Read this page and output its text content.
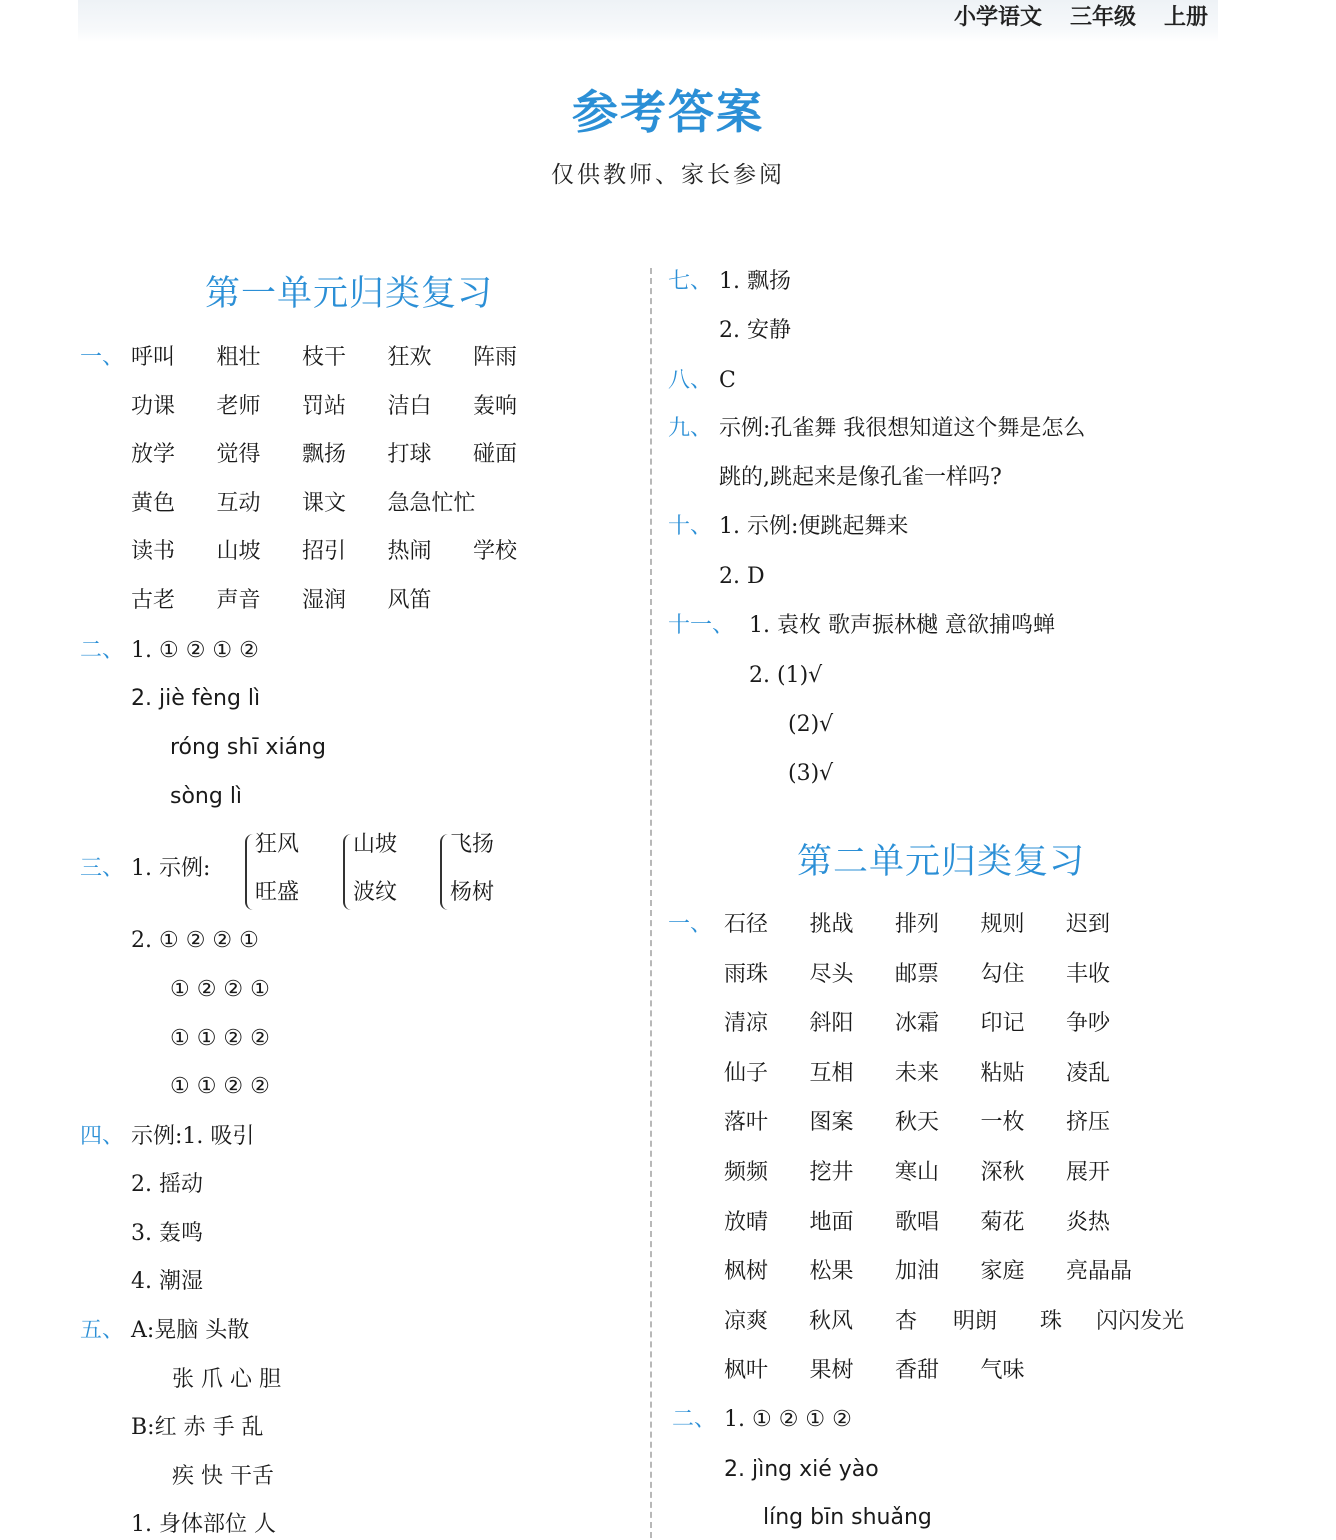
小学语文 三年级 上册
参考答案
仅供教师、家长参阅
第一单元归类复习
一、 呼叫 粗壮 枝干 狂欢 阵雨
功课 老师 罚站 洁白 轰响
放学 觉得 飘扬 打球 碰面
黄色 互动 课文 急急忙忙
读书 山坡 招引 热闹 学校
古老 声音 湿润 风笛
二、 1. ① ② ① ②
2. jiè fèng lì
róng shī xiáng
sòng lì
三、 1. 示例:
狂风
旺盛
山坡
波纹
飞扬
杨树
2. ① ② ② ①
① ② ② ①
① ① ② ②
① ① ② ②
四、 示例:1. 吸引
2. 摇动
3. 轰鸣
4. 潮湿
五、 A:晃脑 头散
张 爪 心 胆
B:红 赤 手 乱
疾 快 干舌
1. 身体部位 人
七、 1. 飘扬
2. 安静
八、 C
九、 示例:孔雀舞 我很想知道这个舞是怎么
跳的,跳起来是像孔雀一样吗?
十、 1. 示例:便跳起舞来
2. D
十一、 1. 袁枚 歌声振林樾 意欲捕鸣蝉
2. (1)√
(2)√
(3)√
第二单元归类复习
一、 石径 挑战 排列 规则 迟到
雨珠 尽头 邮票 勾住 丰收
清凉 斜阳 冰霜 印记 争吵
仙子 互相 未来 粘贴 凌乱
落叶 图案 秋天 一枚 挤压
频频 挖井 寒山 深秋 展开
放晴 地面 歌唱 菊花 炎热
枫树 松果 加油 家庭 亮晶晶
凉爽 秋风 杏 明朗 珠 闪闪发光
枫叶 果树 香甜 气味
二、 1. ① ② ① ②
2. jìng xié yào
líng bīn shuǎng
